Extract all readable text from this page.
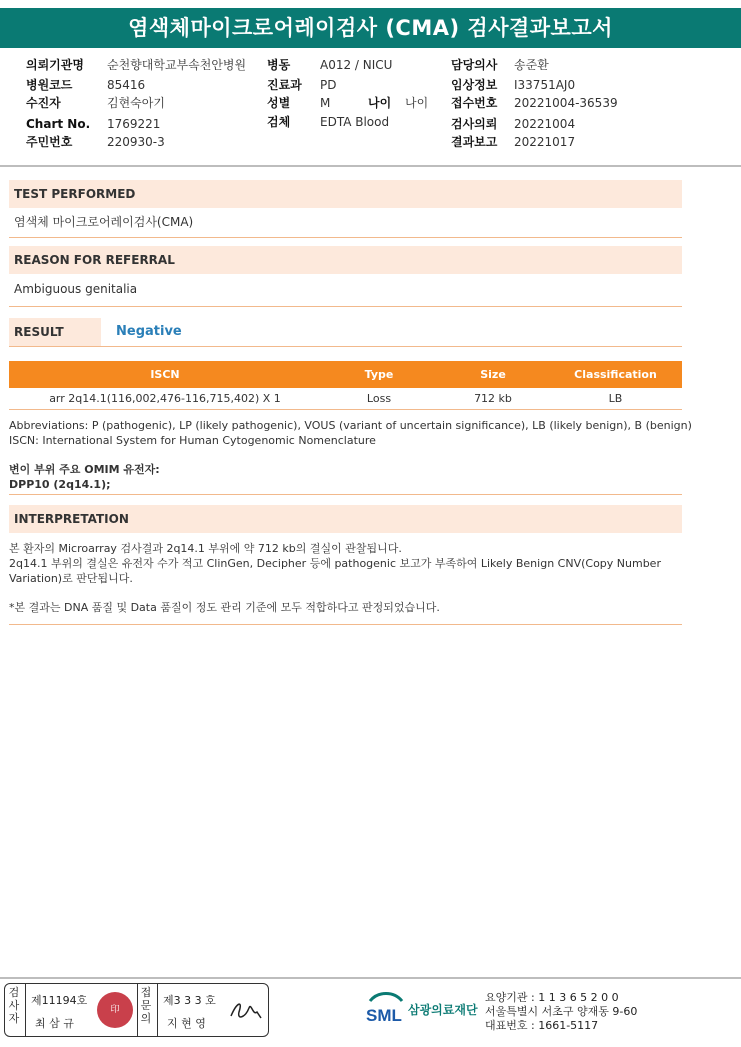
염색체마이크로어레이검사 (CMA) 검사결과보고서
의뢰기관명 순천향대학교부속천안병원
병원코드	85416
수진자	김현숙아기
Chart No. 1769221
주민번호	220930-3
병동 A012 / NICU
진료과 PD
성별 M	나이 나이
검체 EDTA Blood
담당의사 송준환
임상정보 I33751AJ0
접수번호 20221004-36539
검사의뢰 20221004
결과보고 20221017
TEST PERFORMED
염색체 마이크로어레이검사(CMA)
REASON FOR REFERRAL
Ambiguous genitalia
RESULT	Negative
ISCN	Type	Size	Classification
arr 2q14.1(116,002,476-116,715,402) X 1	Loss	712 kb	LB
Abbreviations: P (pathogenic), LP (likely pathogenic), VOUS (variant of uncertain significance), LB (likely benign), B (benign)
ISCN: International System for Human Cytogenomic Nomenclature
변이 부위 주요 OMIM 유전자:
DPP10 (2q14.1);
INTERPRETATION
본 환자의 Microarray 검사결과 2q14.1 부위에 약 712 kb의 결실이 관찰됩니다.
2q14.1 부위의 결실은 유전자 수가 적고 ClinGen, Decipher 등에 pathogenic 보고가 부족하여 Likely Benign CNV(Copy Number
Variation)로 판단됩니다.
*본 결과는 DNA 품질 및 Data 품질이 정도 관리 기준에 모두 적합하다고 판정되었습니다.
검사자
제11194호
최 삼 규
印
접문의
제3 3 3 호
지 현 영	SML 삼광의료재단
요양기관 : 1 1 3 6 5 2 0 0
서울특별시 서초구 양재동 9-60
대표번호 : 1661-5117
